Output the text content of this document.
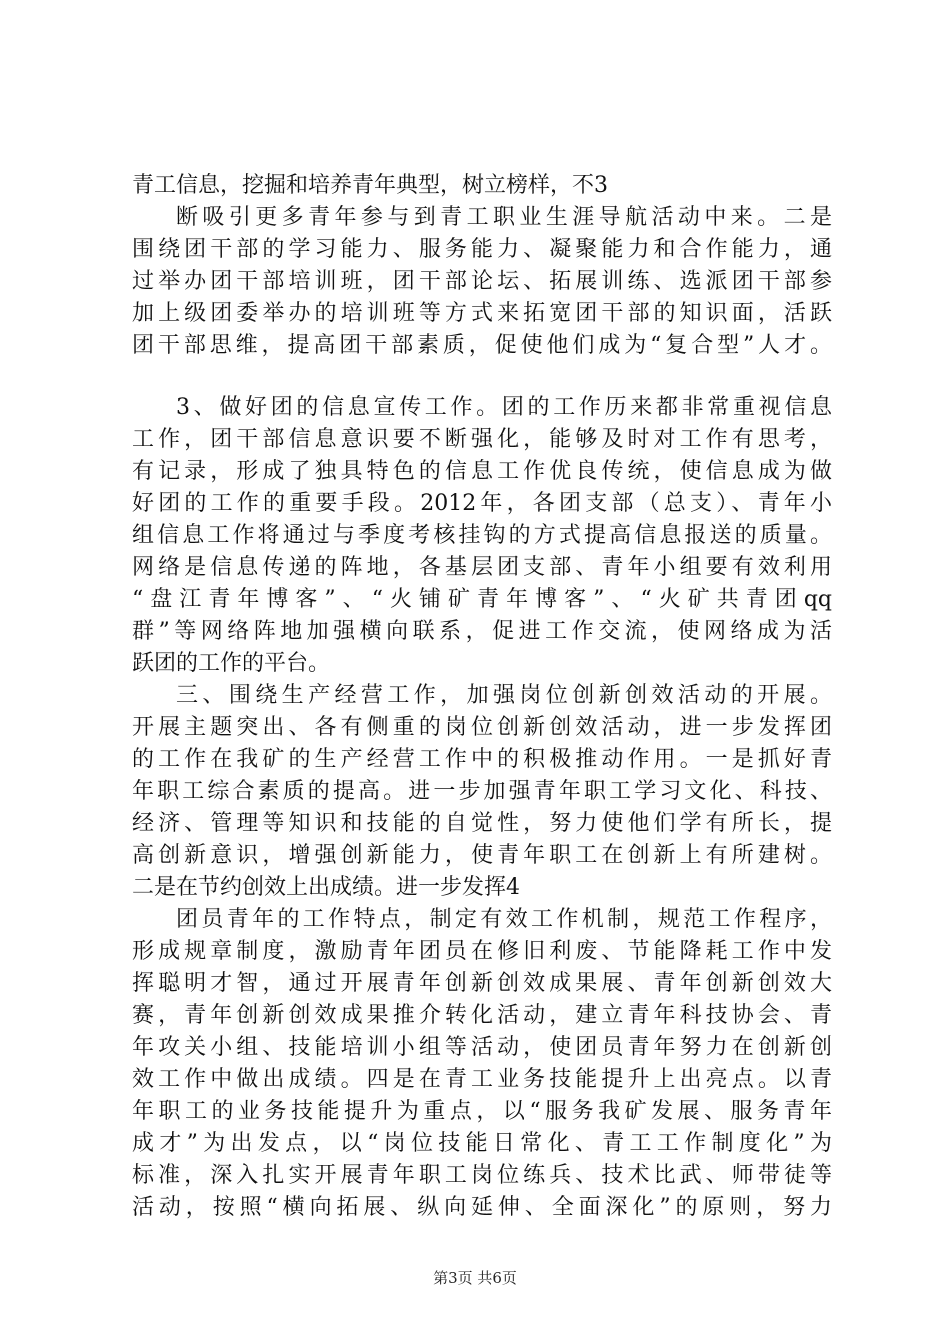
青工信息，挖掘和培养青年典型，树立榜样，不3
断吸引更多青年参与到青工职业生涯导航活动中来。二是
围绕团干部的学习能力、服务能力、凝聚能力和合作能力，通
过举办团干部培训班，团干部论坛、拓展训练、选派团干部参
加上级团委举办的培训班等方式来拓宽团干部的知识面，活跃
团干部思维，提高团干部素质，促使他们成为“复合型”人才。
3、做好团的信息宣传工作。团的工作历来都非常重视信息
工作，团干部信息意识要不断强化，能够及时对工作有思考，
有记录，形成了独具特色的信息工作优良传统，使信息成为做
好团的工作的重要手段。2012年，各团支部（总支）、青年小
组信息工作将通过与季度考核挂钩的方式提高信息报送的质量。
网络是信息传递的阵地，各基层团支部、青年小组要有效利用
“盘江青年博客”、“火铺矿青年博客”、“火矿共青团qq
群”等网络阵地加强横向联系，促进工作交流，使网络成为活
跃团的工作的平台。
三、围绕生产经营工作，加强岗位创新创效活动的开展。
开展主题突出、各有侧重的岗位创新创效活动，进一步发挥团
的工作在我矿的生产经营工作中的积极推动作用。一是抓好青
年职工综合素质的提高。进一步加强青年职工学习文化、科技、
经济、管理等知识和技能的自觉性，努力使他们学有所长，提
高创新意识，增强创新能力，使青年职工在创新上有所建树。
二是在节约创效上出成绩。进一步发挥4
团员青年的工作特点，制定有效工作机制，规范工作程序，
形成规章制度，激励青年团员在修旧利废、节能降耗工作中发
挥聪明才智，通过开展青年创新创效成果展、青年创新创效大
赛，青年创新创效成果推介转化活动，建立青年科技协会、青
年攻关小组、技能培训小组等活动，使团员青年努力在创新创
效工作中做出成绩。四是在青工业务技能提升上出亮点。以青
年职工的业务技能提升为重点，以“服务我矿发展、服务青年
成才”为出发点，以“岗位技能日常化、青工工作制度化”为
标准，深入扎实开展青年职工岗位练兵、技术比武、师带徒等
活动，按照“横向拓展、纵向延伸、全面深化”的原则，努力
第3页 共6页
